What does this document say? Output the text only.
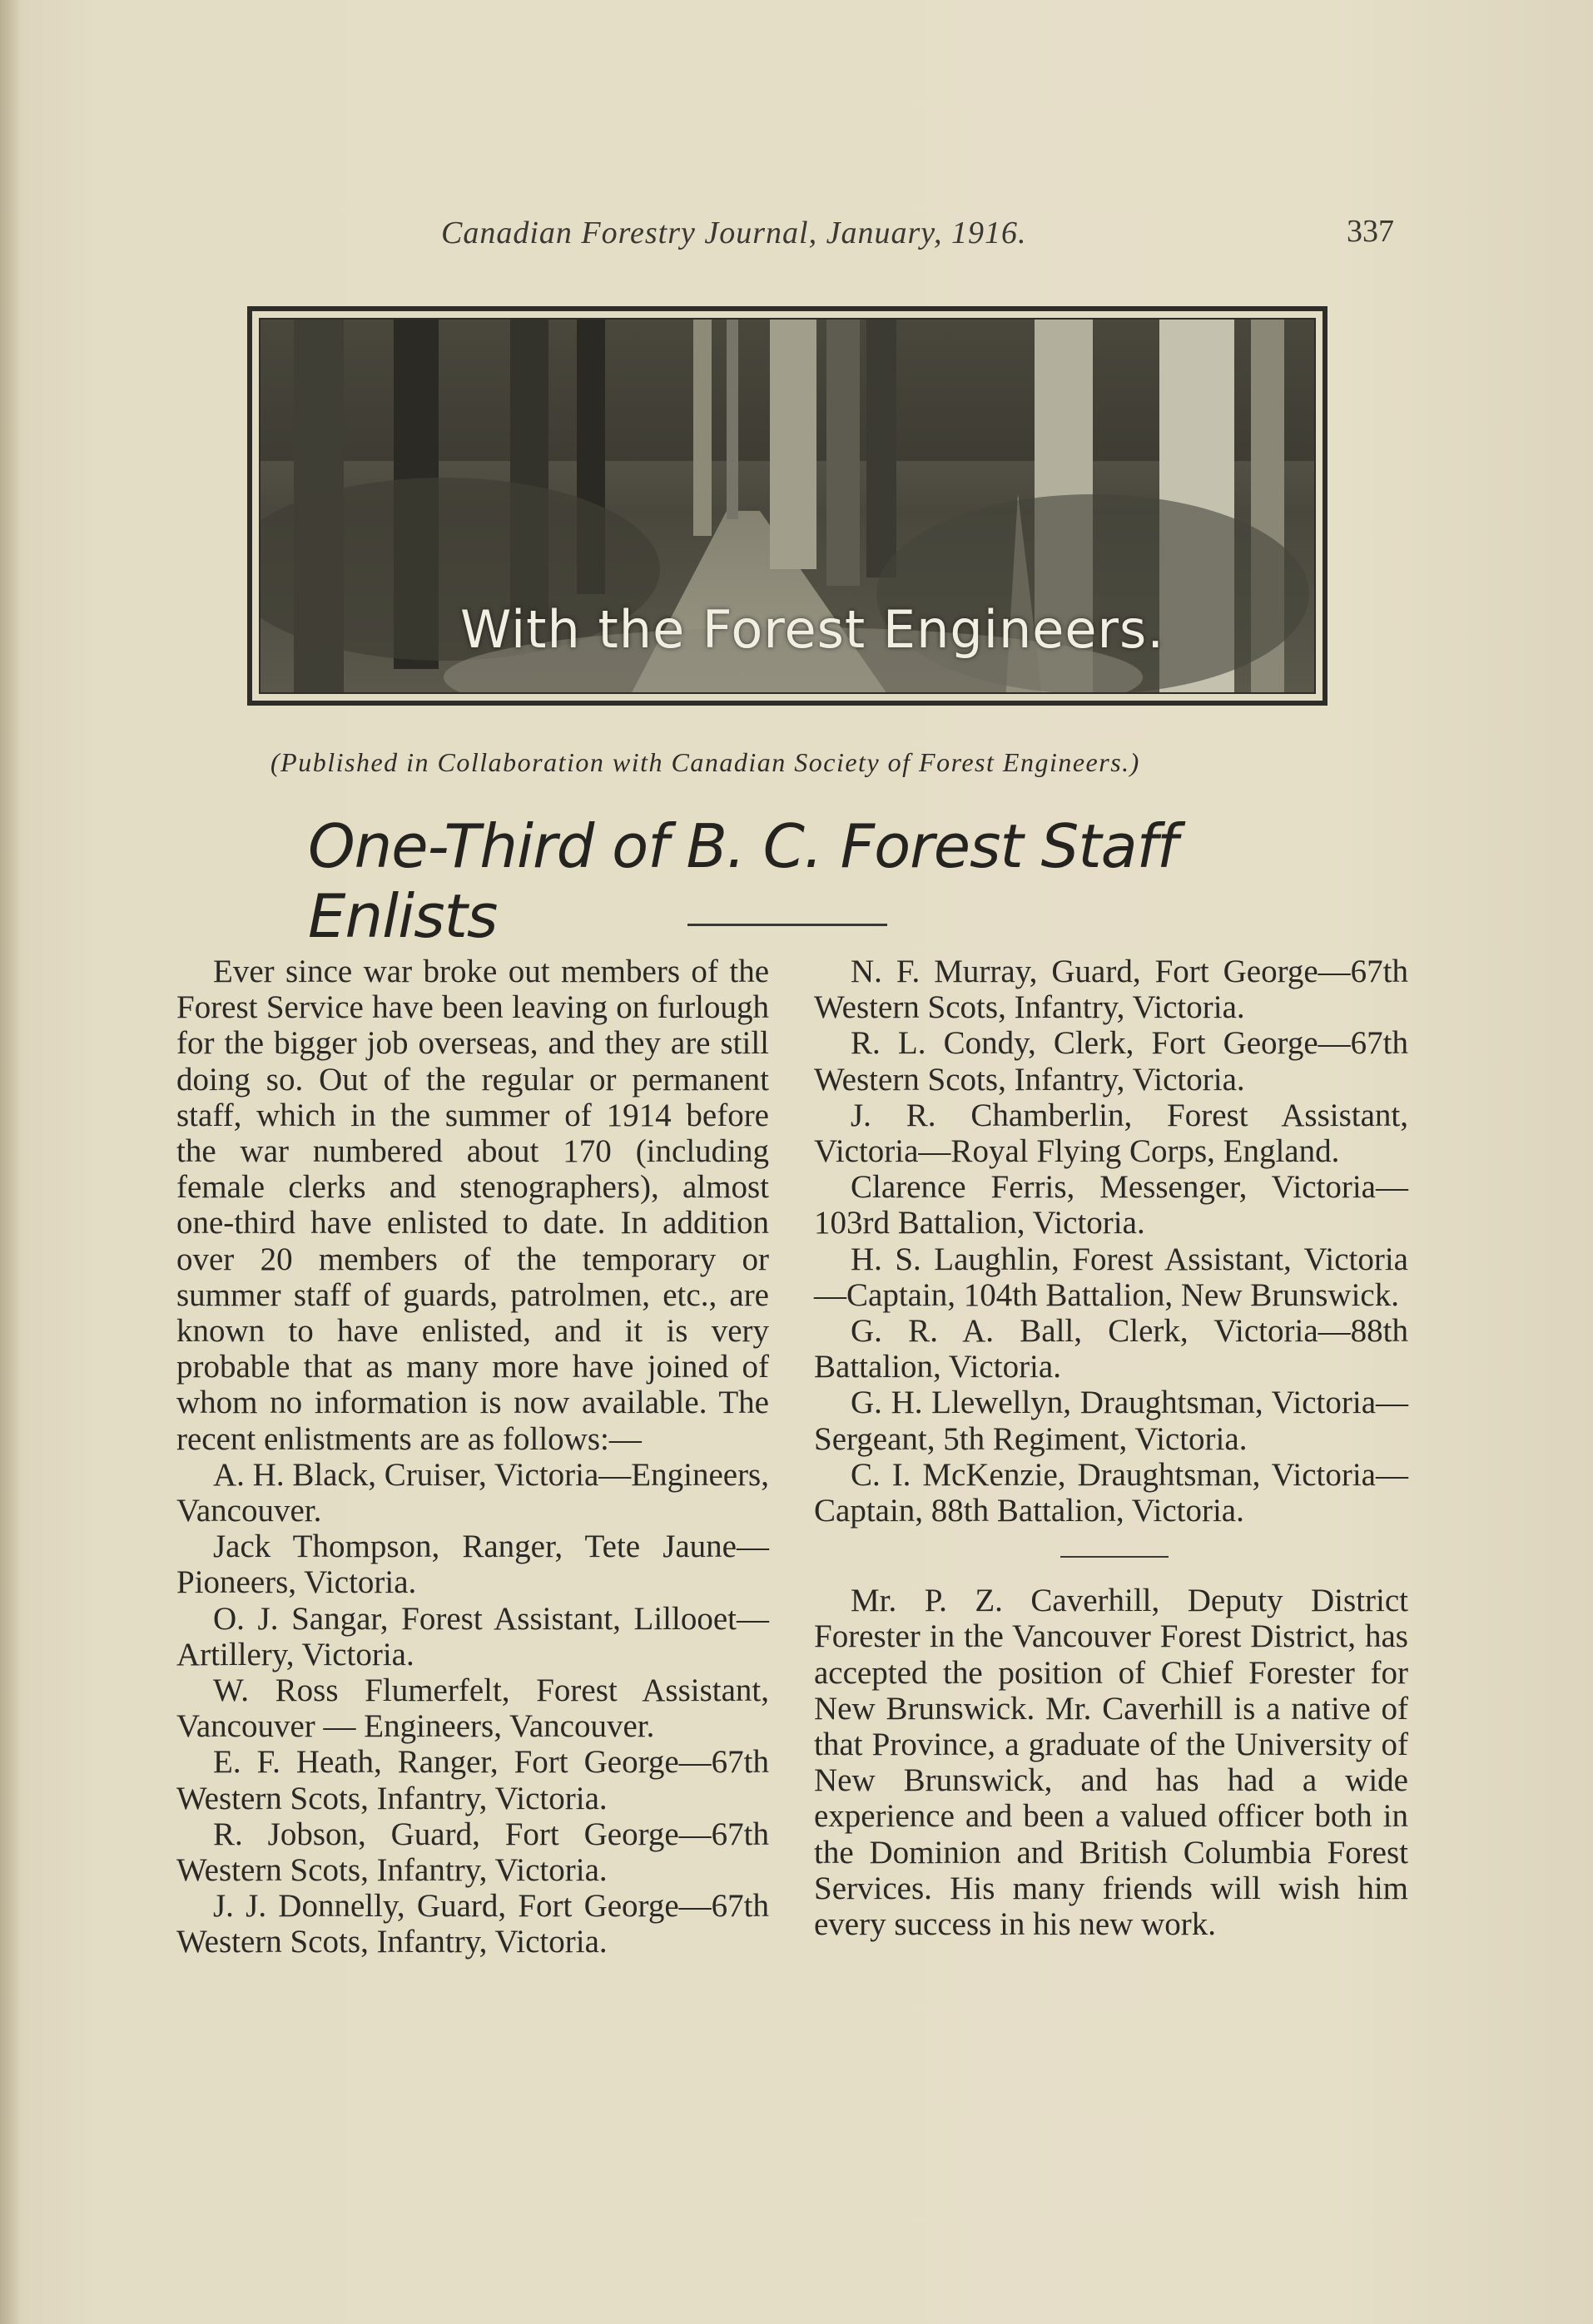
Canadian Forestry Journal, January, 1916.	337
With the Forest Engineers.
(Published in Collaboration with Canadian Society of Forest Engineers.)
One-Third of B. C. Forest Staff Enlists

Ever since war broke out members of the Forest Service have been leaving on furlough for the bigger job overseas, and they are still doing so. Out of the regular or permanent staff, which in the summer of 1914 before the war numbered about 170 (including female clerks and stenographers), almost one-third have enlisted to date. In addition over 20 members of the temporary or summer staff of guards, patrolmen, etc., are known to have enlisted, and it is very probable that as many more have joined of whom no information is now available. The recent enlistments are as follows:—

A. H. Black, Cruiser, Victoria—Engineers, Vancouver.

Jack Thompson, Ranger, Tete Jaune—Pioneers, Victoria.

O. J. Sangar, Forest Assistant, Lillooet—Artillery, Victoria.

W. Ross Flumerfelt, Forest Assistant, Vancouver — Engineers, Vancouver.

E. F. Heath, Ranger, Fort George—67th Western Scots, Infantry, Victoria.

R. Jobson, Guard, Fort George—67th Western Scots, Infantry, Victoria.

J. J. Donnelly, Guard, Fort George—67th Western Scots, Infantry, Victoria.

N. F. Murray, Guard, Fort George—67th Western Scots, Infantry, Victoria.

R. L. Condy, Clerk, Fort George—67th Western Scots, Infantry, Victoria.

J. R. Chamberlin, Forest Assistant, Victoria—Royal Flying Corps, England.

Clarence Ferris, Messenger, Victoria—103rd Battalion, Victoria.

H. S. Laughlin, Forest Assistant, Victoria—Captain, 104th Battalion, New Brunswick.

G. R. A. Ball, Clerk, Victoria—88th Battalion, Victoria.

G. H. Llewellyn, Draughtsman, Victoria—Sergeant, 5th Regiment, Victoria.

C. I. McKenzie, Draughtsman, Victoria—Captain, 88th Battalion, Victoria.

Mr. P. Z. Caverhill, Deputy District Forester in the Vancouver Forest District, has accepted the position of Chief Forester for New Brunswick. Mr. Caverhill is a native of that Province, a graduate of the University of New Brunswick, and has had a wide experience and been a valued officer both in the Dominion and British Columbia Forest Services. His many friends will wish him every success in his new work.
